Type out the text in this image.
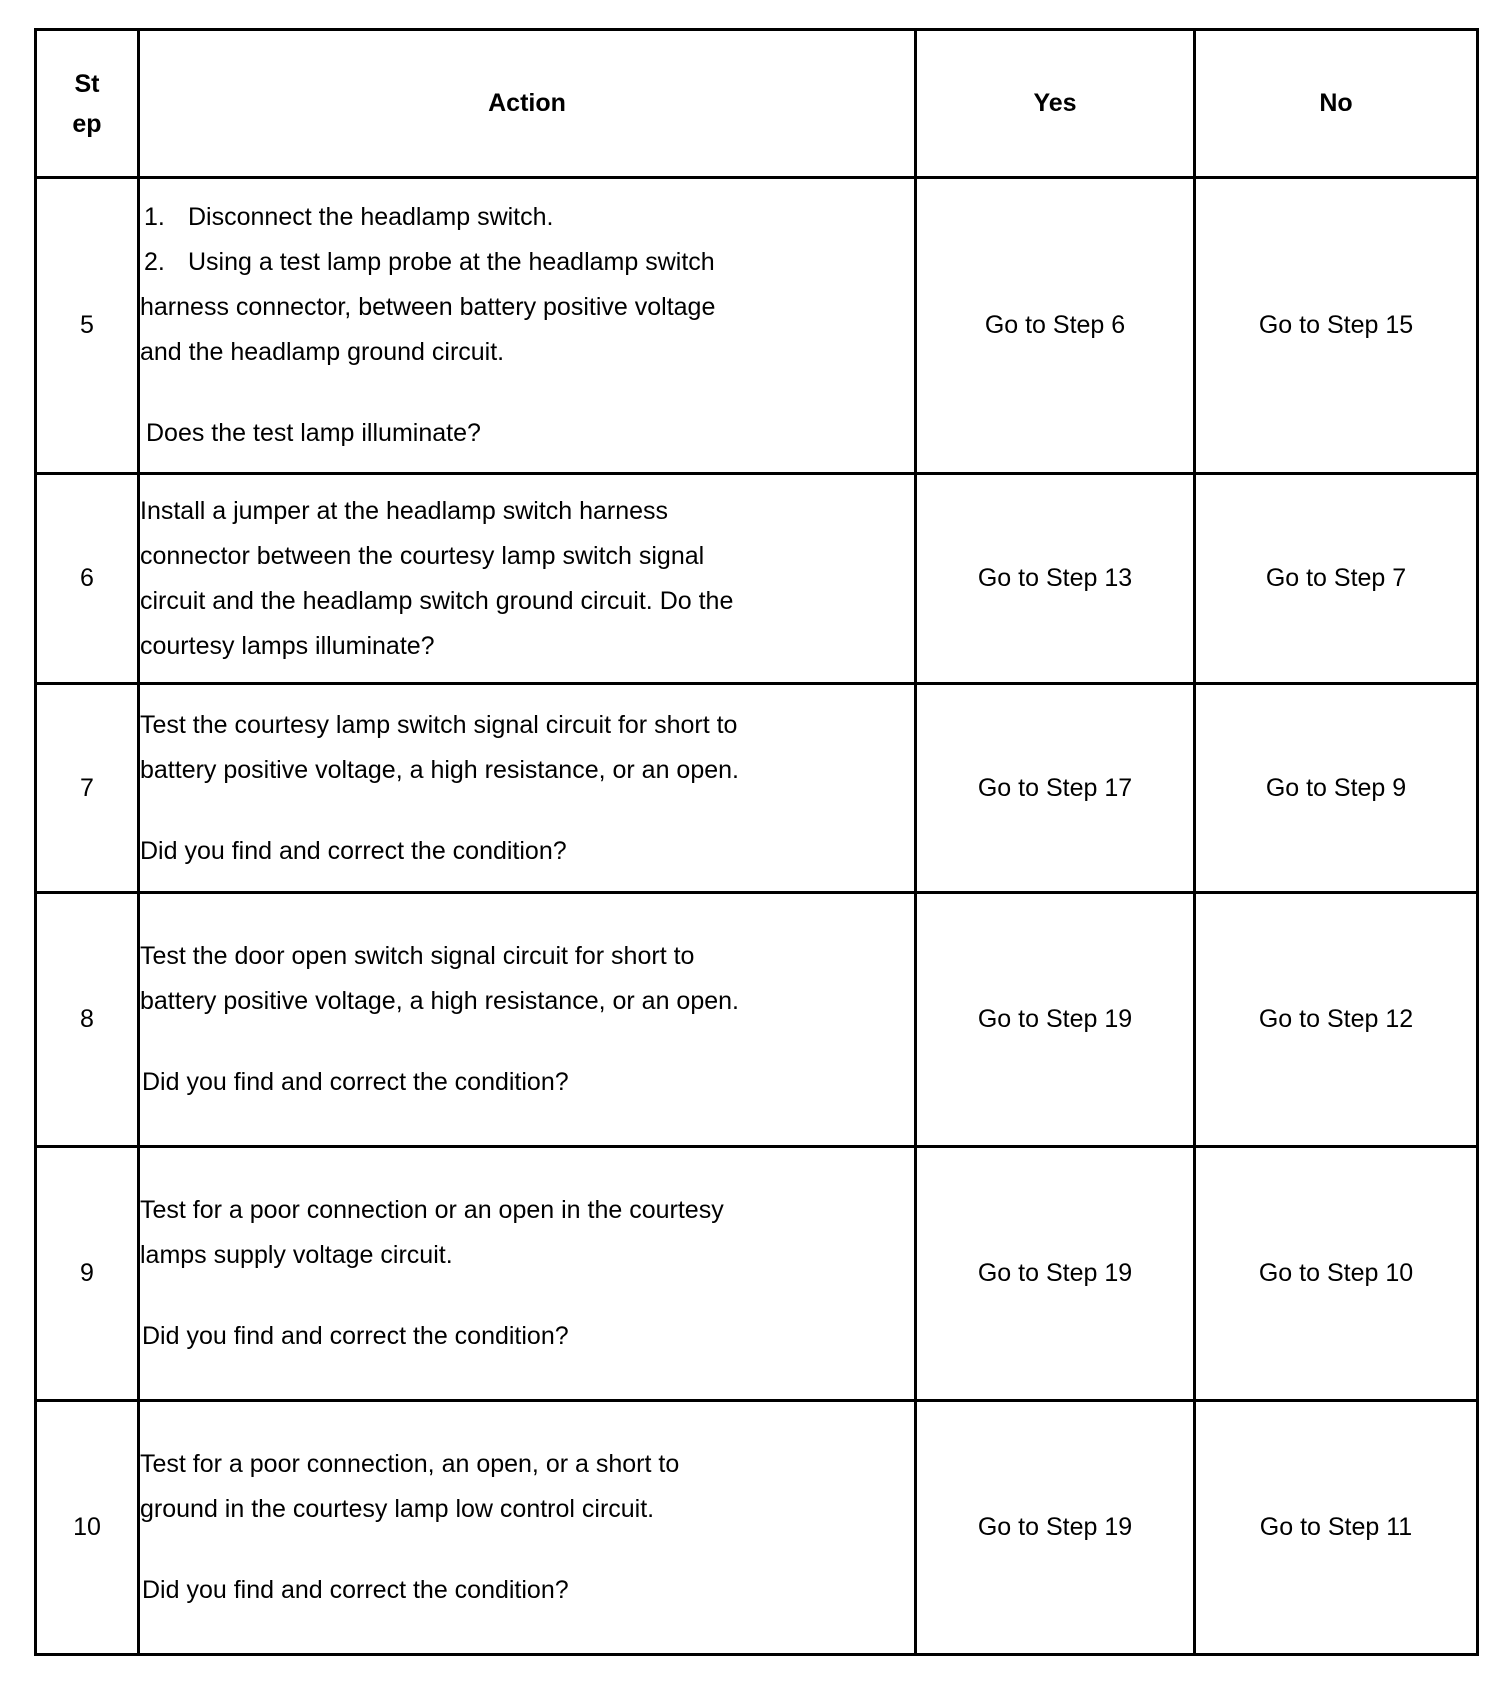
St
ep	Action	Yes	No
5	1. Disconnect the headlamp switch.
2. Using a test lamp probe at the headlamp switch
harness connector, between battery positive voltage
and the headlamp ground circuit.
Does the test lamp illuminate?	Go to Step 6	Go to Step 15
6	Install a jumper at the headlamp switch harness
connector between the courtesy lamp switch signal
circuit and the headlamp switch ground circuit. Do the
courtesy lamps illuminate?	Go to Step 13	Go to Step 7
7	Test the courtesy lamp switch signal circuit for short to
battery positive voltage, a high resistance, or an open.
Did you find and correct the condition?	Go to Step 17	Go to Step 9
8	Test the door open switch signal circuit for short to
battery positive voltage, a high resistance, or an open.
Did you find and correct the condition?	Go to Step 19	Go to Step 12
9	Test for a poor connection or an open in the courtesy
lamps supply voltage circuit.
Did you find and correct the condition?	Go to Step 19	Go to Step 10
10	Test for a poor connection, an open, or a short to
ground in the courtesy lamp low control circuit.
Did you find and correct the condition?	Go to Step 19	Go to Step 11
